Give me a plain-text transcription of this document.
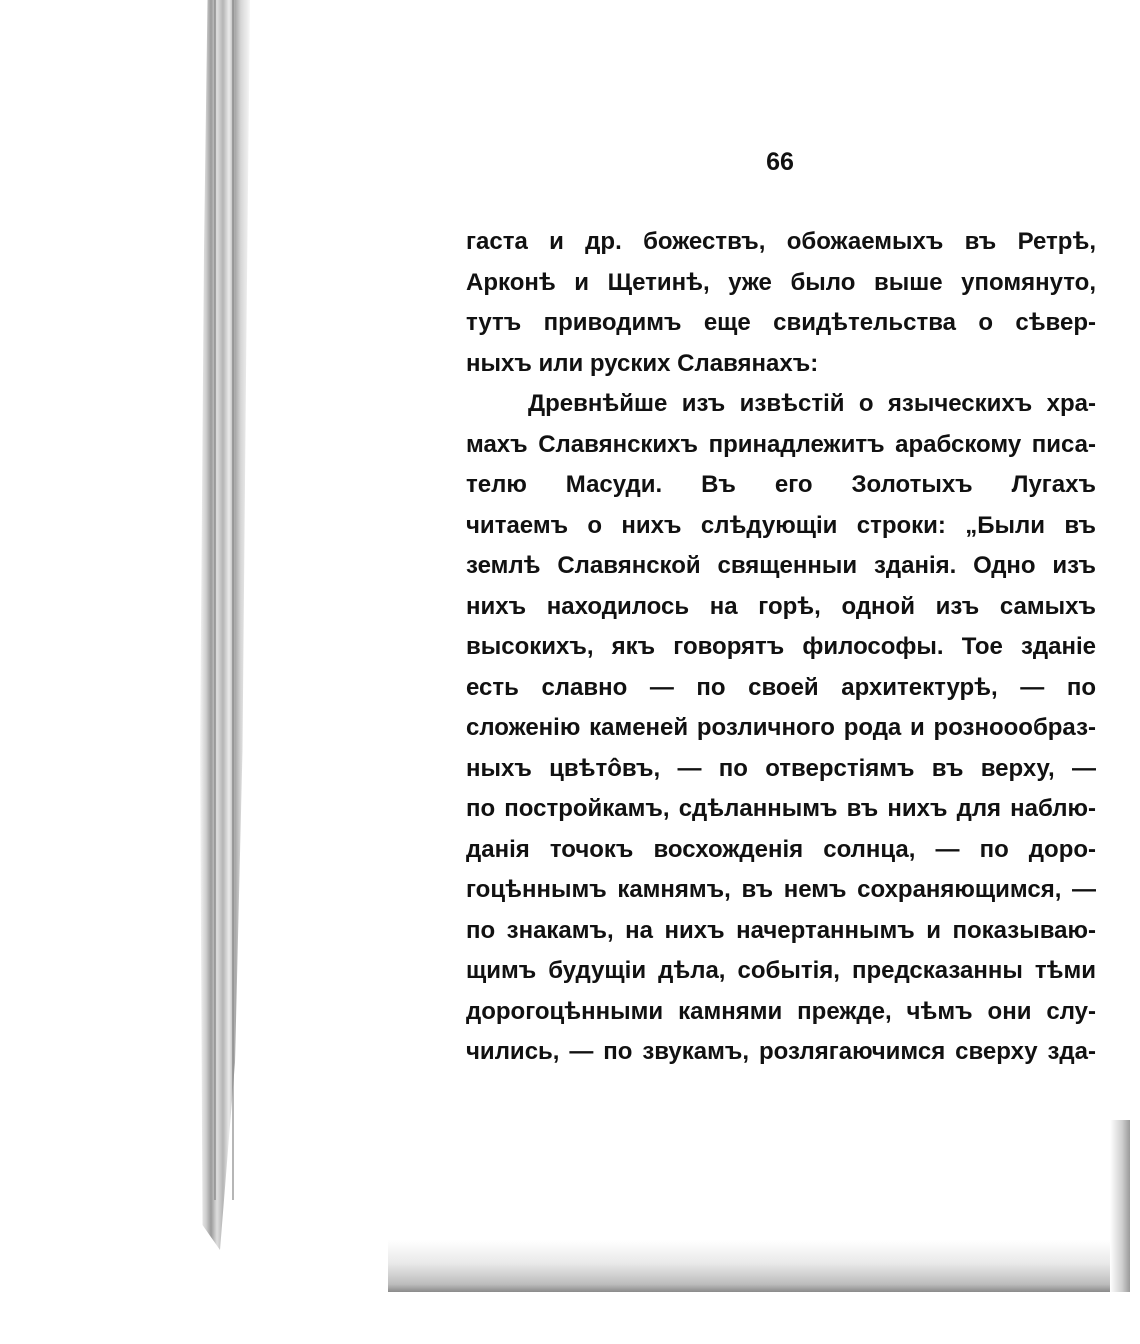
66
гаста и др. божествъ, обожаемыхъ въ Ретрѣ,
Арконѣ и Щетинѣ, уже было выше упомянуто,
тутъ приводимъ еще свидѣтельства о сѣвер-
ныхъ или руских Славянахъ:
Древнѣйше изъ извѣстій о языческихъ хра-
махъ Славянскихъ принадлежитъ арабскому писа-
телю Масуди. Въ его Золотыхъ Лугахъ
читаемъ о нихъ слѣдующіи строки: „Были въ
землѣ Славянской священныи зданія. Одно изъ
нихъ находилось на горѣ, одной изъ самыхъ
высокихъ, якъ говорятъ философы. Тое зданіе
есть славно — по своей архитектурѣ, — по
сложенію каменей розличного рода и розноообраз-
ныхъ цвѣтôвъ, — по отверстіямъ въ верху, —
по постройкамъ, сдѣланнымъ въ нихъ для наблю-
данія точокъ восхожденія солнца, — по доро-
гоцѣннымъ камнямъ, въ немъ сохраняющимся, —
по знакамъ, на нихъ начертаннымъ и показываю-
щимъ будущіи дѣла, событія, предсказанны тѣми
дорогоцѣнными камнями прежде, чѣмъ они слу-
чились, — по звукамъ, розлягаючимся сверху зда-
